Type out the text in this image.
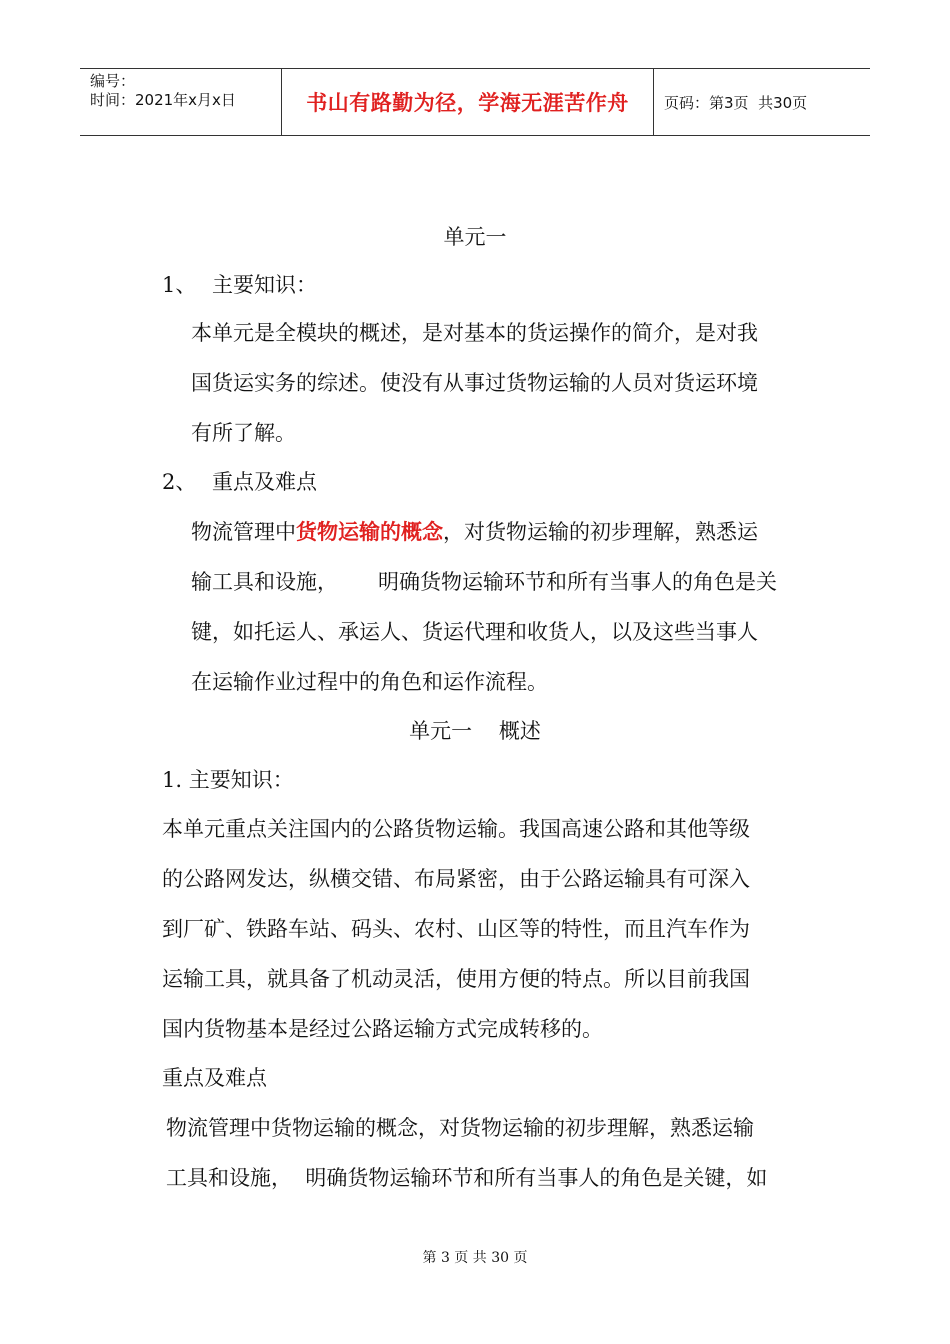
编号：
时间：2021年x月x日	书山有路勤为径，学海无涯苦作舟	页码：第3页  共30页
单元一
1、 主要知识：
本单元是全模块的概述，是对基本的货运操作的简介，是对我
国货运实务的综述。使没有从事过货物运输的人员对货运环境
有所了解。
2、 重点及难点
物流管理中货物运输的概念，对货物运输的初步理解，熟悉运
输工具和设施，      明确货物运输环节和所有当事人的角色是关
键，如托运人、承运人、货运代理和收货人，以及这些当事人
在运输作业过程中的角色和运作流程。
单元一    概述
1. 主要知识：
本单元重点关注国内的公路货物运输。我国高速公路和其他等级
的公路网发达，纵横交错、布局紧密，由于公路运输具有可深入
到厂矿、铁路车站、码头、农村、山区等的特性，而且汽车作为
运输工具，就具备了机动灵活，使用方便的特点。所以目前我国
国内货物基本是经过公路运输方式完成转移的。
重点及难点
物流管理中货物运输的概念，对货物运输的初步理解，熟悉运输
工具和设施，  明确货物运输环节和所有当事人的角色是关键，如
第 3 页 共 30 页
